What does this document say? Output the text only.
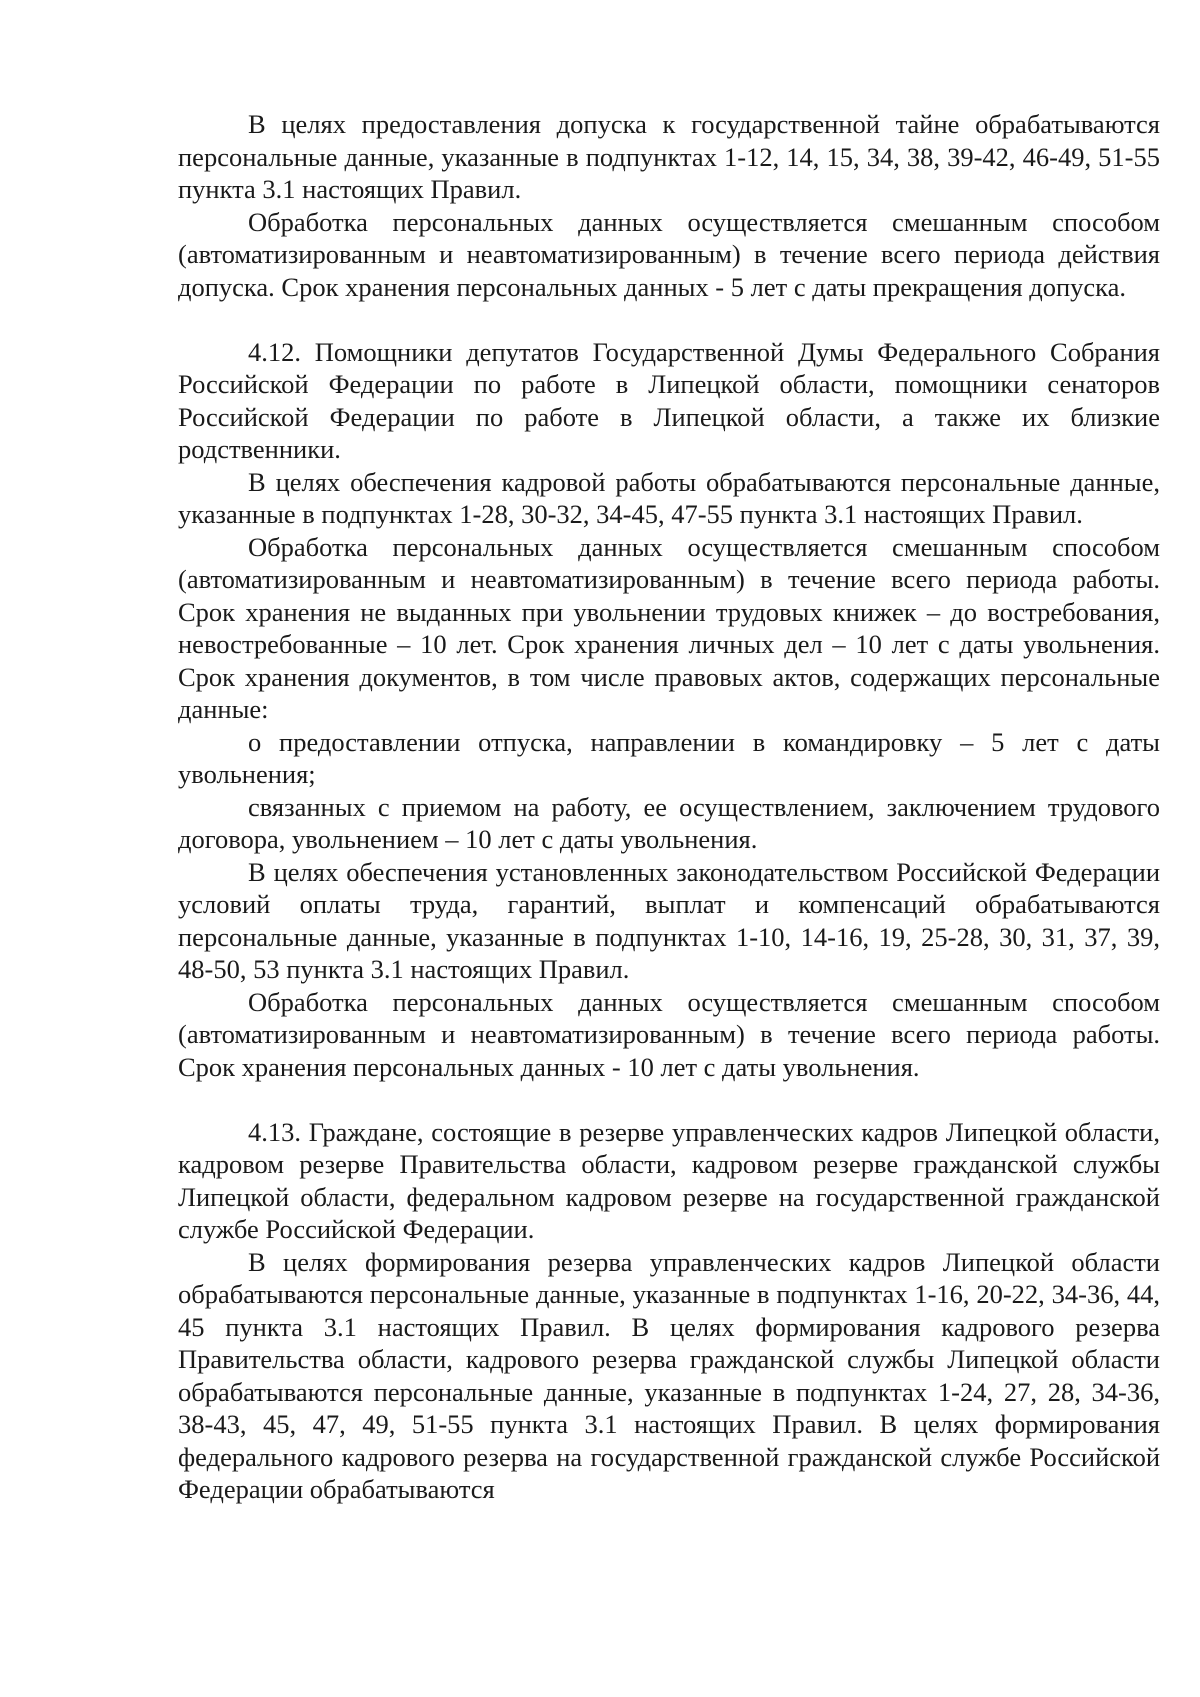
В целях предоставления допуска к государственной тайне обрабатываются персональные данные, указанные в подпунктах 1-12, 14, 15, 34, 38, 39-42, 46-49, 51-55 пункта 3.1 настоящих Правил.

Обработка персональных данных осуществляется смешанным способом (автоматизированным и неавтоматизированным) в течение всего периода действия допуска. Срок хранения персональных данных - 5 лет с даты прекращения допуска.

4.12. Помощники депутатов Государственной Думы Федерального Собрания Российской Федерации по работе в Липецкой области, помощники сенаторов Российской Федерации по работе в Липецкой области, а также их близкие родственники.

В целях обеспечения кадровой работы обрабатываются персональные данные, указанные в подпунктах 1-28, 30-32, 34-45, 47-55 пункта 3.1 настоящих Правил.

Обработка персональных данных осуществляется смешанным способом (автоматизированным и неавтоматизированным) в течение всего периода работы. Срок хранения не выданных при увольнении трудовых книжек – до востребования, невостребованные – 10 лет. Срок хранения личных дел – 10 лет с даты увольнения. Срок хранения документов, в том числе правовых актов, содержащих персональные данные:

о предоставлении отпуска, направлении в командировку – 5 лет с даты увольнения;

связанных с приемом на работу, ее осуществлением, заключением трудового договора, увольнением – 10 лет с даты увольнения.

В целях обеспечения установленных законодательством Российской Федерации условий оплаты труда, гарантий, выплат и компенсаций обрабатываются персональные данные, указанные в подпунктах 1-10, 14-16, 19, 25-28, 30, 31, 37, 39, 48-50, 53 пункта 3.1 настоящих Правил.

Обработка персональных данных осуществляется смешанным способом (автоматизированным и неавтоматизированным) в течение всего периода работы. Срок хранения персональных данных - 10 лет с даты увольнения.

4.13. Граждане, состоящие в резерве управленческих кадров Липецкой области, кадровом резерве Правительства области, кадровом резерве гражданской службы Липецкой области, федеральном кадровом резерве на государственной гражданской службе Российской Федерации.

В целях формирования резерва управленческих кадров Липецкой области обрабатываются персональные данные, указанные в подпунктах 1-16, 20-22, 34-36, 44, 45 пункта 3.1 настоящих Правил. В целях формирования кадрового резерва Правительства области, кадрового резерва гражданской службы Липецкой области обрабатываются персональные данные, указанные в подпунктах 1-24, 27, 28, 34-36, 38-43, 45, 47, 49, 51-55 пункта 3.1 настоящих Правил. В целях формирования федерального кадрового резерва на государственной гражданской службе Российской Федерации обрабатываются
